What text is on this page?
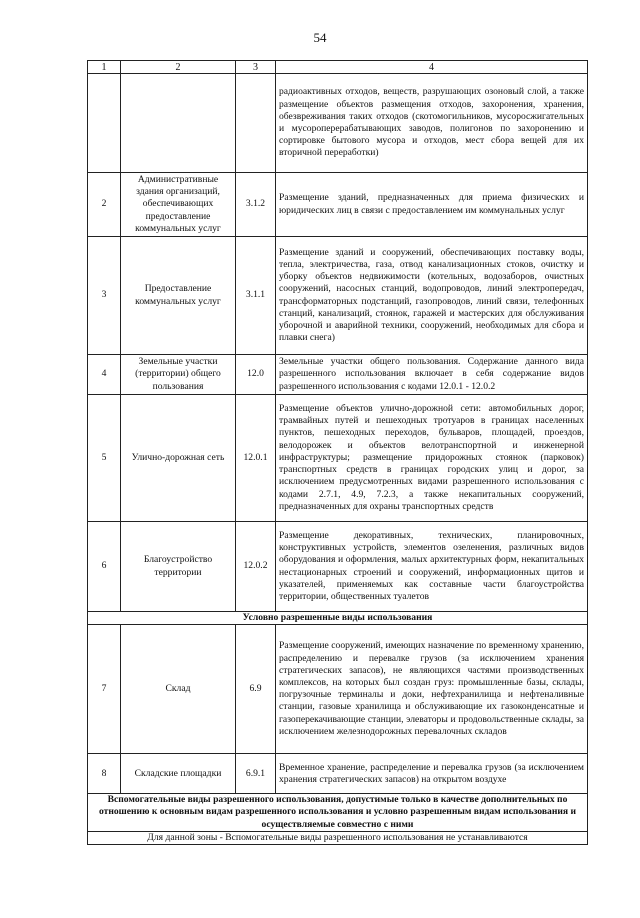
54
1	2	3	4
			радиоактивных отходов, веществ, разрушающих озоновый слой, а также размещение объектов размещения отходов, захоронения, хранения, обезвреживания таких отходов (скотомогильников, мусоросжигательных и мусороперерабатывающих заводов, полигонов по захоронению и сортировке бытового мусора и отходов, мест сбора вещей для их вторичной переработки)
2	Административные здания организаций, обеспечивающих предоставление коммунальных услуг	3.1.2	Размещение зданий, предназначенных для приема физических и юридических лиц в связи с предоставлением им коммунальных услуг
3	Предоставление коммунальных услуг	3.1.1	Размещение зданий и сооружений, обеспечивающих поставку воды, тепла, электричества, газа, отвод канализационных стоков, очистку и уборку объектов недвижимости (котельных, водозаборов, очистных сооружений, насосных станций, водопроводов, линий электропередач, трансформаторных подстанций, газопроводов, линий связи, телефонных станций, канализаций, стоянок, гаражей и мастерских для обслуживания уборочной и аварийной техники, сооружений, необходимых для сбора и плавки снега)
4	Земельные участки (территории) общего пользования	12.0	Земельные участки общего пользования. Содержание данного вида разрешенного использования включает в себя содержание видов разрешенного использования с кодами 12.0.1 - 12.0.2
5	Улично-дорожная сеть	12.0.1	Размещение объектов улично-дорожной сети: автомобильных дорог, трамвайных путей и пешеходных тротуаров в границах населенных пунктов, пешеходных переходов, бульваров, площадей, проездов, велодорожек и объектов велотранспортной и инженерной инфраструктуры; размещение придорожных стоянок (парковок) транспортных средств в границах городских улиц и дорог, за исключением предусмотренных видами разрешенного использования с кодами 2.7.1, 4.9, 7.2.3, а также некапитальных сооружений, предназначенных для охраны транспортных средств
6	Благоустройство территории	12.0.2	Размещение декоративных, технических, планировочных, конструктивных устройств, элементов озеленения, различных видов оборудования и оформления, малых архитектурных форм, некапитальных нестационарных строений и сооружений, информационных щитов и указателей, применяемых как составные части благоустройства территории, общественных туалетов
Условно разрешенные виды использования			
7	Склад	6.9	Размещение сооружений, имеющих назначение по временному хранению, распределению и перевалке грузов (за исключением хранения стратегических запасов), не являющихся частями производственных комплексов, на которых был создан груз: промышленные базы, склады, погрузочные терминалы и доки, нефтехранилища и нефтеналивные станции, газовые хранилища и обслуживающие их газоконденсатные и газоперекачивающие станции, элеваторы и продовольственные склады, за исключением железнодорожных перевалочных складов
8	Складские площадки	6.9.1	Временное хранение, распределение и перевалка грузов (за исключением хранения стратегических запасов) на открытом воздухе
Вспомогательные виды разрешенного использования, допустимые только в качестве дополнительных по отношению к основным видам разрешенного использования и условно разрешенным видам использования и осуществляемые совместно с ними			
Для данной зоны - Вспомогательные виды разрешенного использования не устанавливаются			
